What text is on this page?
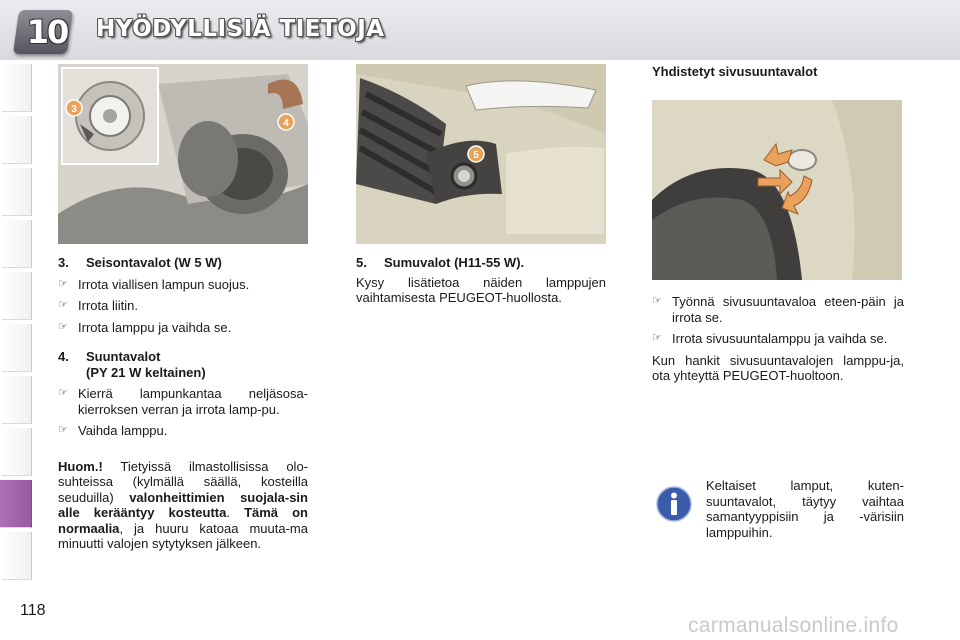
10 HYÖDYLLISIÄ TIETOJA
3
4
5
3. Seisontavalot (W 5 W)
☞ Irrota viallisen lampun suojus.
☞ Irrota liitin.
☞ Irrota lamppu ja vaihda se.
4. Suuntavalot
(PY 21 W keltainen)
☞ Kierrä lampunkantaa neljäsosa-kierroksen verran ja irrota lamp-pu.
☞ Vaihda lamppu.
Huom.! Tietyissä ilmastollisissa olo-suhteissa (kylmällä säällä, kosteilla seuduilla) valonheittimien suojala-sin alle kerääntyy kosteutta. Tämä on normaalia, ja huuru katoaa muuta-ma minuutti valojen sytytyksen jälkeen.
5. Sumuvalot (H11-55 W).
Kysy lisätietoa näiden lamppujen vaihtamisesta PEUGEOT-huollosta.
Yhdistetyt sivusuuntavalot
☞ Työnnä sivusuuntavaloa eteen-päin ja irrota se.
☞ Irrota sivusuuntalamppu ja vaihda se.
Kun hankit sivusuuntavalojen lamppu-ja, ota yhteyttä PEUGEOT-huoltoon.
Keltaiset lamput, kuten-suuntavalot, täytyy vaihtaa samantyyppisiin ja -värisiin lamppuihin.
118
carmanualsonline.info
